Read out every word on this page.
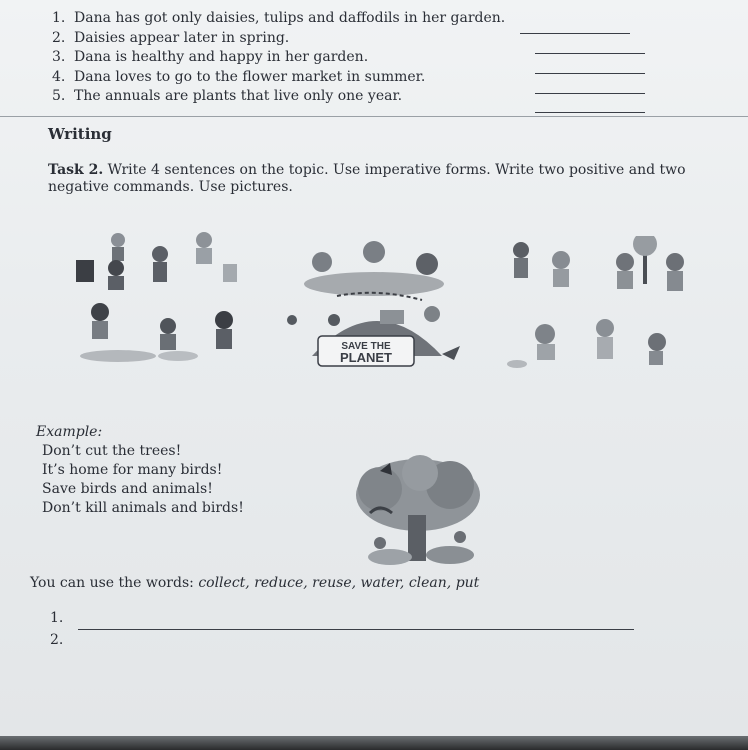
1. Dana has got only daisies, tulips and daffodils in her garden.
2. Daisies appear later in spring.
3. Dana is healthy and happy in her garden.
4. Dana loves to go to the flower market in summer.
5. The annuals are plants that live only one year.
Writing
Task 2. Write 4 sentences on the topic. Use imperative forms. Write two positive and two negative commands. Use pictures.
SAVE THE
PLANET
Example:
Don’t cut the trees!
It’s home for many birds!
Save birds and animals!
Don’t kill animals and birds!
You can use the words: collect, reduce, reuse, water, clean, put
1.
2.
